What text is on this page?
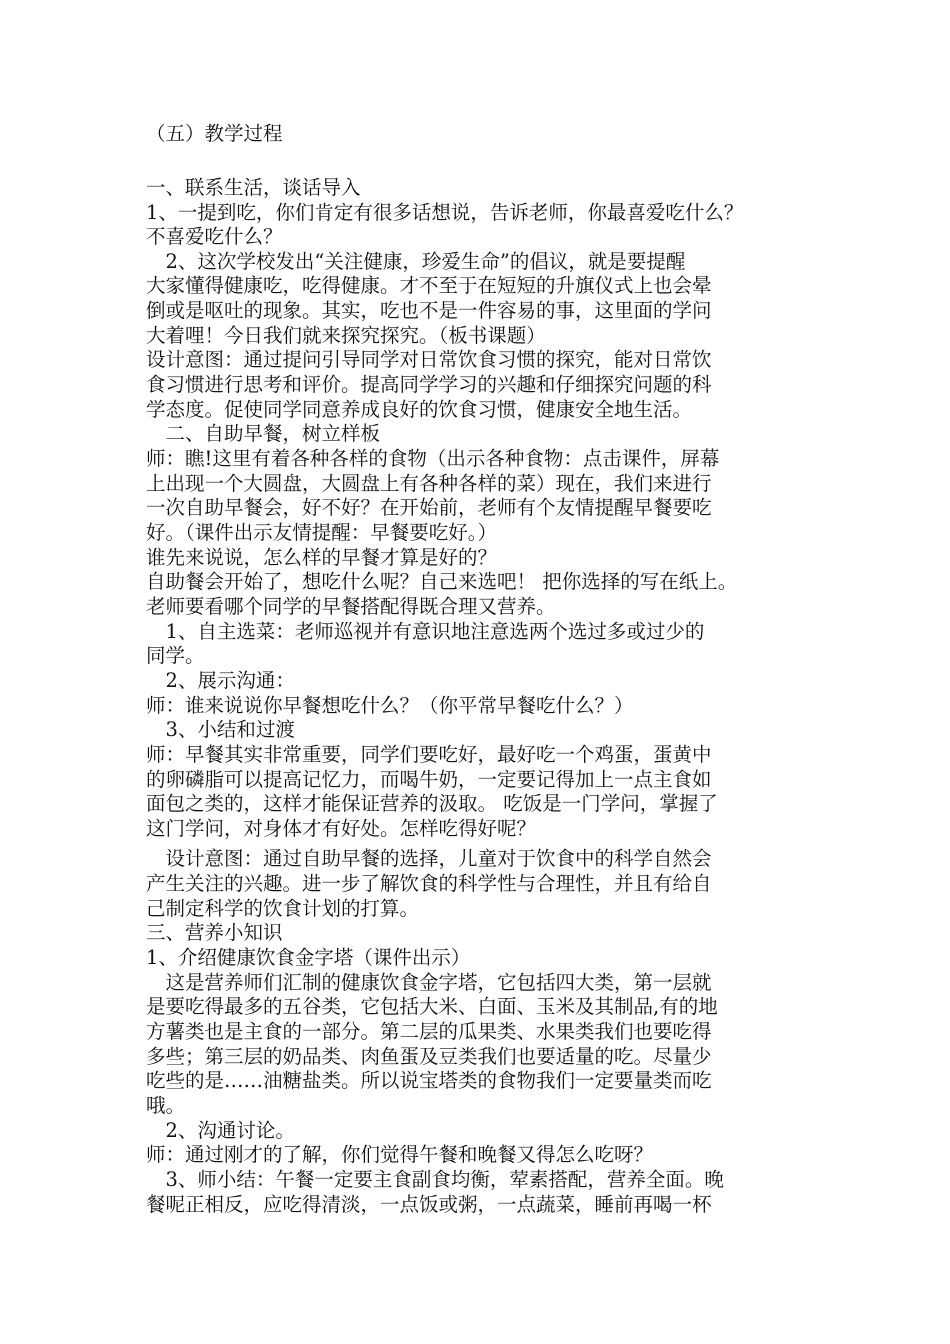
（五）教学过程
一、联系生活，谈话导入
1、一提到吃，你们肯定有很多话想说，告诉老师，你最喜爱吃什么？
不喜爱吃什么？
　2、这次学校发出“关注健康，珍爱生命”的倡议，就是要提醒
大家懂得健康吃，吃得健康。才不至于在短短的升旗仪式上也会晕
倒或是呕吐的现象。其实，吃也不是一件容易的事，这里面的学问
大着哩！今日我们就来探究探究。（板书课题）
设计意图：通过提问引导同学对日常饮食习惯的探究，能对日常饮
食习惯进行思考和评价。提高同学学习的兴趣和仔细探究问题的科
学态度。促使同学同意养成良好的饮食习惯，健康安全地生活。
　二、自助早餐，树立样板
师：瞧!这里有着各种各样的食物（出示各种食物：点击课件，屏幕
上出现一个大圆盘，大圆盘上有各种各样的菜）现在，我们来进行
一次自助早餐会，好不好？在开始前，老师有个友情提醒早餐要吃
好。（课件出示友情提醒：早餐要吃好。）
谁先来说说，怎么样的早餐才算是好的？
自助餐会开始了，想吃什么呢？自己来选吧！ 把你选择的写在纸上。
老师要看哪个同学的早餐搭配得既合理又营养。
　1、自主选菜：老师巡视并有意识地注意选两个选过多或过少的
同学。
　2、展示沟通：
师：谁来说说你早餐想吃什么？（你平常早餐吃什么？）
　3、小结和过渡
师：早餐其实非常重要，同学们要吃好，最好吃一个鸡蛋，蛋黄中
的卵磷脂可以提高记忆力，而喝牛奶，一定要记得加上一点主食如
面包之类的，这样才能保证营养的汲取。 吃饭是一门学问，掌握了
这门学问，对身体才有好处。怎样吃得好呢？
　设计意图：通过自助早餐的选择，儿童对于饮食中的科学自然会
产生关注的兴趣。进一步了解饮食的科学性与合理性，并且有给自
己制定科学的饮食计划的打算。
三、营养小知识
1、介绍健康饮食金字塔（课件出示）
　这是营养师们汇制的健康饮食金字塔，它包括四大类，第一层就
是要吃得最多的五谷类，它包括大米、白面、玉米及其制品,有的地
方薯类也是主食的一部分。第二层的瓜果类、水果类我们也要吃得
多些；第三层的奶品类、肉鱼蛋及豆类我们也要适量的吃。尽量少
吃些的是……油糖盐类。所以说宝塔类的食物我们一定要量类而吃
哦。
　2、沟通讨论。
师：通过刚才的了解，你们觉得午餐和晚餐又得怎么吃呀？
　3、师小结：午餐一定要主食副食均衡，荤素搭配，营养全面。晚
餐呢正相反，应吃得清淡，一点饭或粥，一点蔬菜，睡前再喝一杯
